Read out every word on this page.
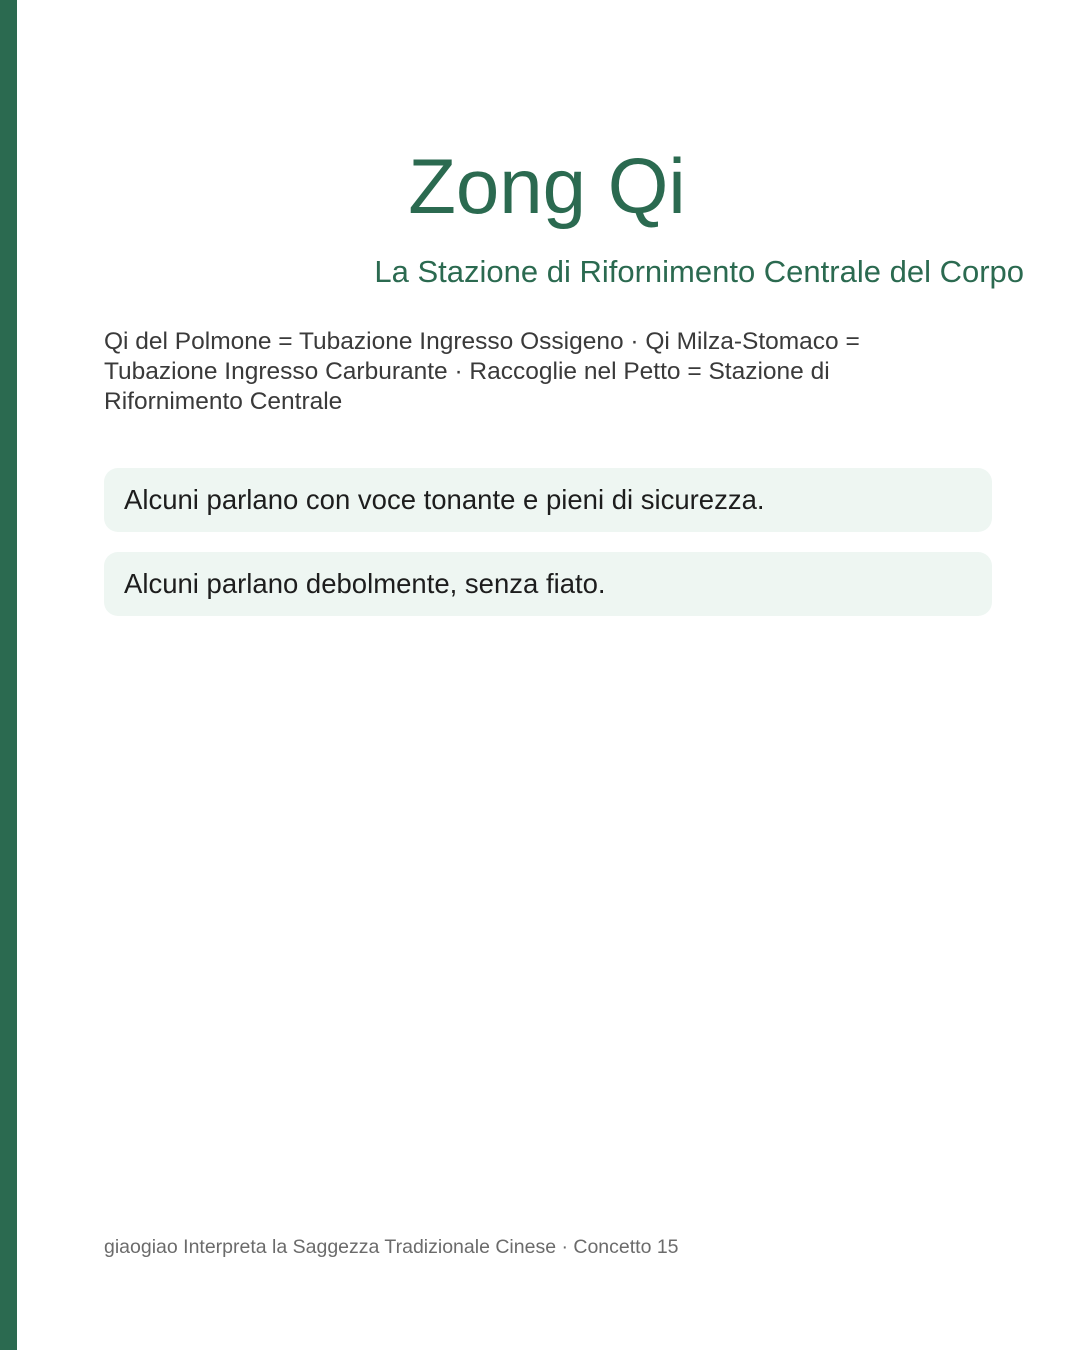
Zong Qi
La Stazione di Rifornimento Centrale del Corpo
Qi del Polmone = Tubazione Ingresso Ossigeno · Qi Milza-Stomaco = Tubazione Ingresso Carburante · Raccoglie nel Petto = Stazione di Rifornimento Centrale
Alcuni parlano con voce tonante e pieni di sicurezza.
Alcuni parlano debolmente, senza fiato.
giaogiao Interpreta la Saggezza Tradizionale Cinese · Concetto 15
